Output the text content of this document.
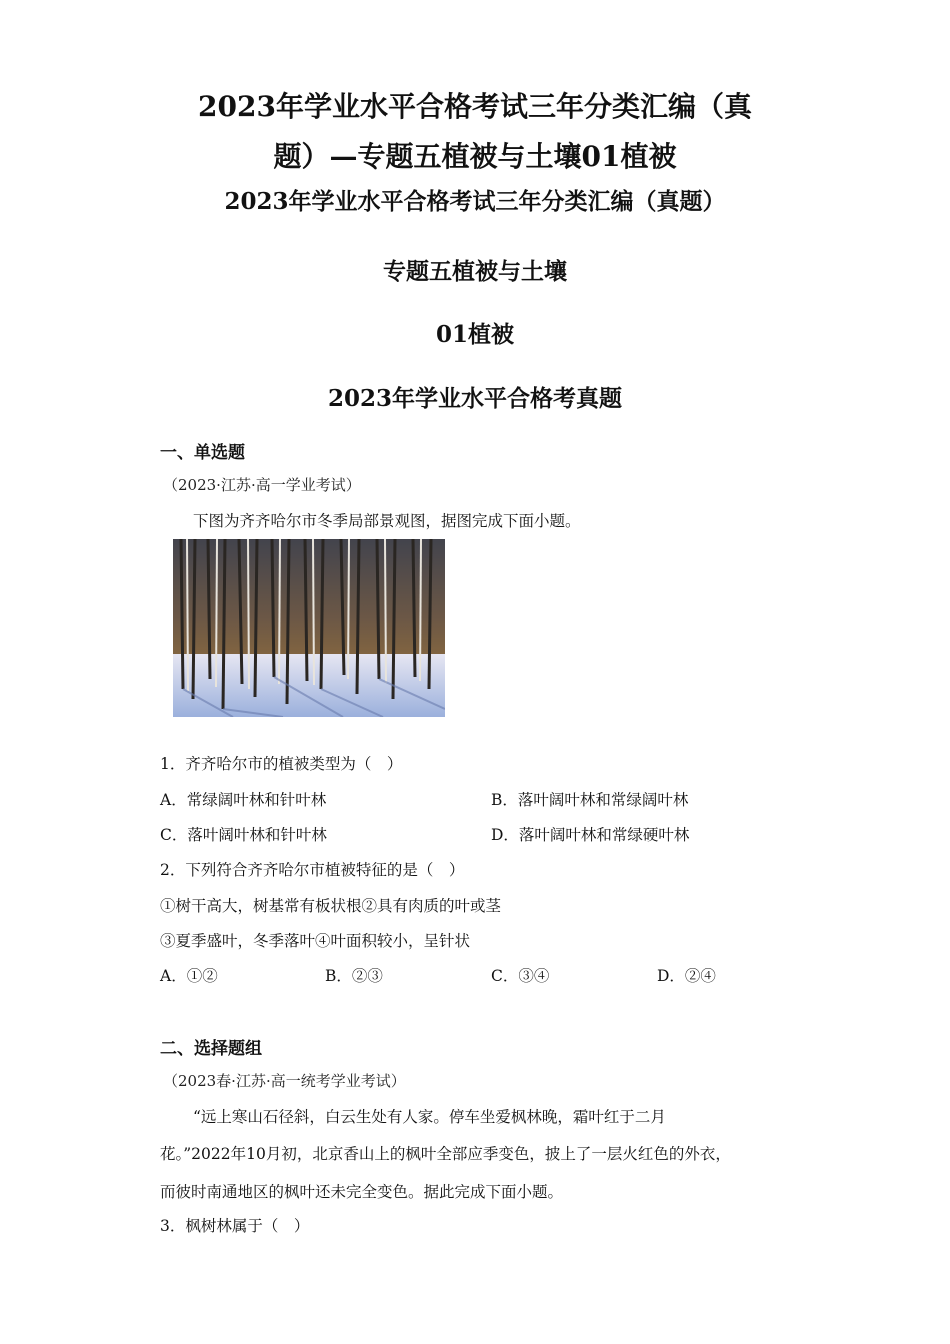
2023年学业水平合格考试三年分类汇编（真
题）—专题五植被与土壤01植被
2023年学业水平合格考试三年分类汇编（真题）
专题五植被与土壤
01植被
2023年学业水平合格考真题
一、单选题
（2023·江苏·高一学业考试）
下图为齐齐哈尔市冬季局部景观图，据图完成下面小题。
1．齐齐哈尔市的植被类型为（　）
A．常绿阔叶林和针叶林	B．落叶阔叶林和常绿阔叶林
C．落叶阔叶林和针叶林	D．落叶阔叶林和常绿硬叶林
2．下列符合齐齐哈尔市植被特征的是（　）
①树干高大，树基常有板状根②具有肉质的叶或茎
③夏季盛叶，冬季落叶④叶面积较小，呈针状
A．①②	B．②③	C．③④	D．②④
二、选择题组
（2023春·江苏·高一统考学业考试）
“远上寒山石径斜，白云生处有人家。停车坐爱枫林晚，霜叶红于二月
花。”2022年10月初，北京香山上的枫叶全部应季变色，披上了一层火红色的外衣，
而彼时南通地区的枫叶还未完全变色。据此完成下面小题。
3．枫树林属于（　）
